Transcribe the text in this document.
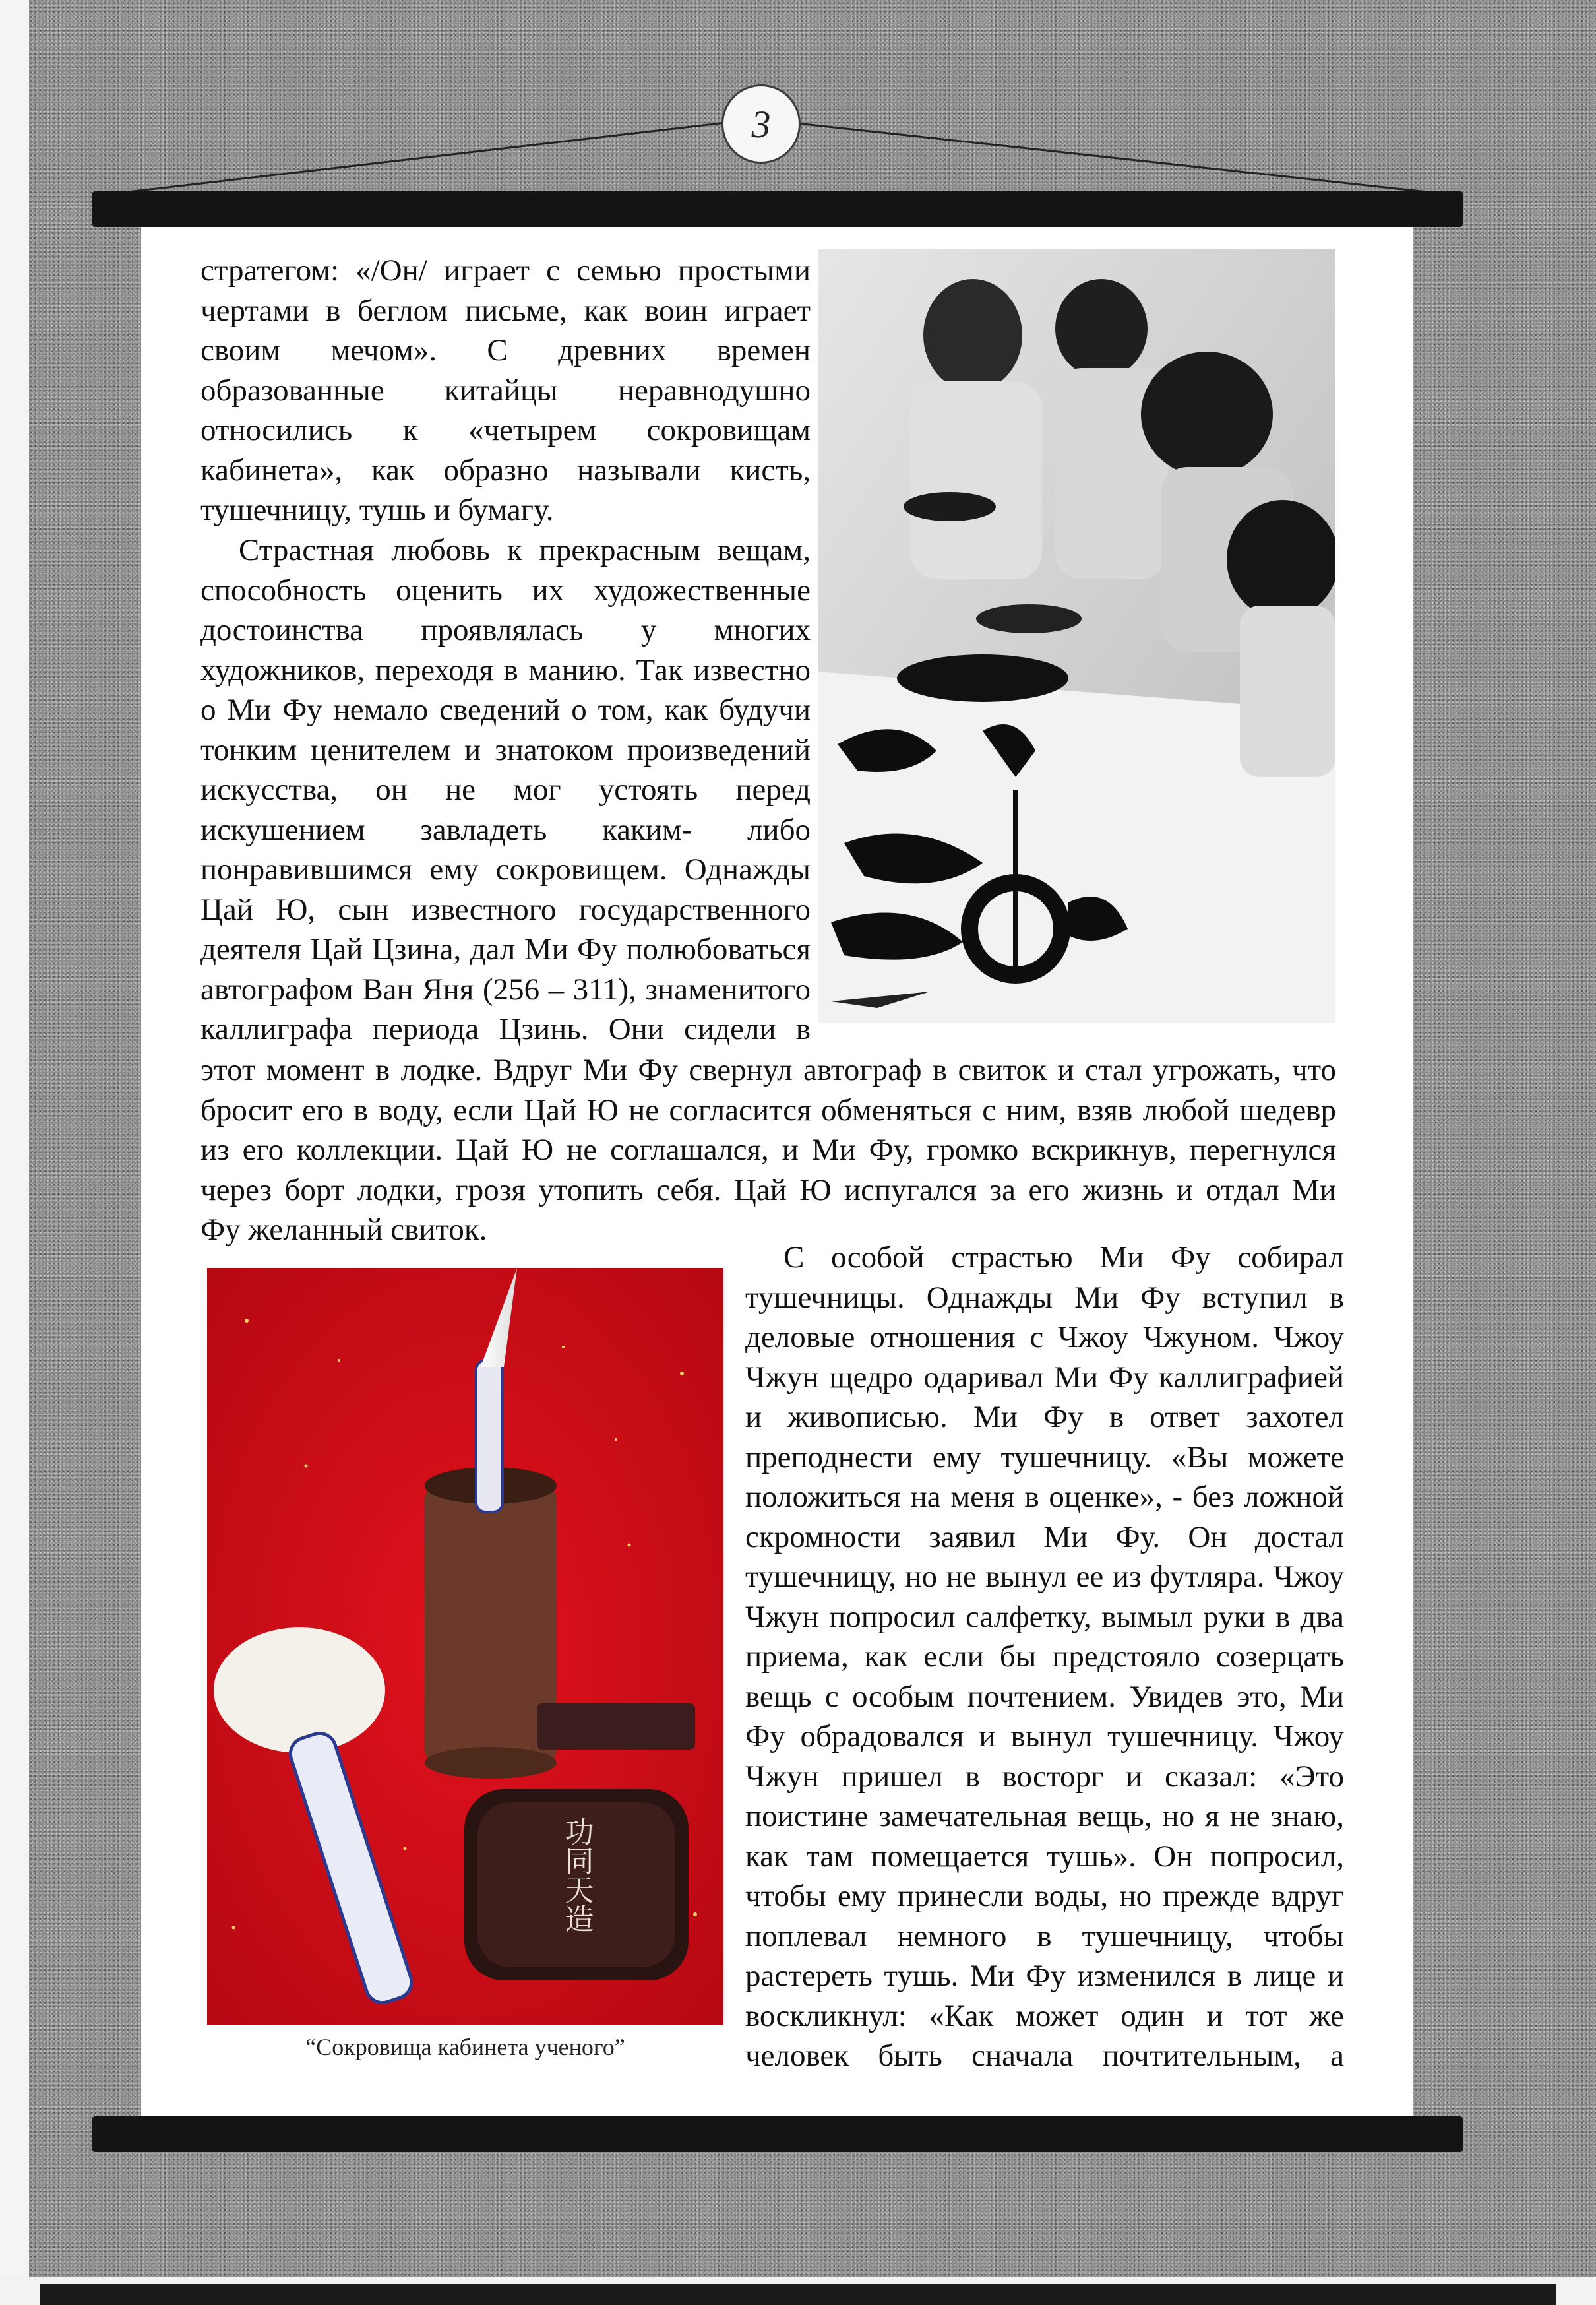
3
стратегом: «/Он/ играет с семью простыми
чертами в беглом письме, как воин играет
своим мечом». С древних времен
образованные китайцы неравнодушно
относились к «четырем сокровищам
кабинета», как образно называли кисть,
тушечницу, тушь и бумагу.
Страстная любовь к прекрасным вещам,
способность оценить их художественные
достоинства проявлялась у многих
художников, переходя в манию. Так известно
о Ми Фу немало сведений о том, как будучи
тонким ценителем и знатоком произведений
искусства, он не мог устоять перед
искушением завладеть каким- либо
понравившимся ему сокровищем. Однажды
Цай Ю, сын известного государственного
деятеля Цай Цзина, дал Ми Фу полюбоваться
автографом Ван Яня (256 – 311), знаменитого
каллиграфа периода Цзинь. Они сидели в
этот момент в лодке. Вдруг Ми Фу свернул автограф в свиток и стал угрожать, что
бросит его в воду, если Цай Ю не согласится обменяться с ним, взяв любой шедевр
из его коллекции. Цай Ю не соглашался, и Ми Фу, громко вскрикнув, перегнулся
через борт лодки, грозя утопить себя. Цай Ю испугался за его жизнь и отдал Ми
Фу желанный свиток.
С особой страстью Ми Фу собирал
тушечницы. Однажды Ми Фу вступил в
деловые отношения с Чжоу Чжуном. Чжоу
Чжун щедро одаривал Ми Фу каллиграфией
и живописью. Ми Фу в ответ захотел
преподнести ему тушечницу. «Вы можете
положиться на меня в оценке», - без ложной
скромности заявил Ми Фу. Он достал
тушечницу, но не вынул ее из футляра. Чжоу
Чжун попросил салфетку, вымыл руки в два
приема, как если бы предстояло созерцать
вещь с особым почтением. Увидев это, Ми
Фу обрадовался и вынул тушечницу. Чжоу
Чжун пришел в восторг и сказал: «Это
поистине замечательная вещь, но я не знаю,
как там помещается тушь». Он попросил,
чтобы ему принесли воды, но прежде вдруг
поплевал немного в тушечницу, чтобы
растереть тушь. Ми Фу изменился в лице и
воскликнул: «Как может один и тот же
человек быть сначала почтительным, а
功同天造
“Сокровища кабинета ученого”
